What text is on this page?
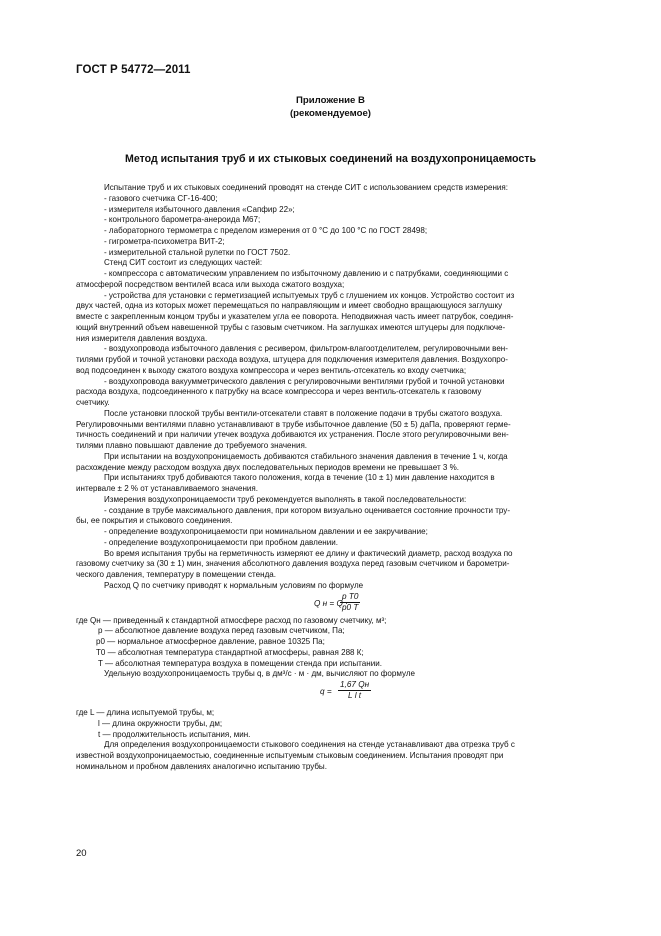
ГОСТ Р 54772—2011
Приложение В
(рекомендуемое)
Метод испытания труб и их стыковых соединений на воздухопроницаемость

Испытание труб и их стыковых соединений проводят на стенде СИТ с использованием средств измерения:

- газового счетчика СГ-16-400;

- измерителя избыточного давления «Сапфир 22»;

- контрольного барометра-анероида М67;

- лабораторного термометра с пределом измерения от 0 °С до 100 °С по ГОСТ 28498;

- гигрометра-психометра ВИТ-2;

- измерительной стальной рулетки по ГОСТ 7502.

Стенд СИТ состоит из следующих частей:

- компрессора с автоматическим управлением по избыточному давлению и с патрубками, соединяющими с
атмосферой посредством вентилей всаса или выхода сжатого воздуха;

- устройства для установки с герметизацией испытуемых труб с глушением их концов. Устройство состоит из
двух частей, одна из которых может перемещаться по направляющим и имеет свободно вращающуюся заглушку
вместе с закрепленным концом трубы и указателем угла ее поворота. Неподвижная часть имеет патрубок, соединя-
ющий внутренний объем навешенной трубы с газовым счетчиком. На заглушках имеются штуцеры для подключе-
ния измерителя давления воздуха.

- воздухопровода избыточного давления с ресивером, фильтром-влагоотделителем, регулировочными вен-
тилями грубой и точной установки расхода воздуха, штуцера для подключения измерителя давления. Воздухопро-
вод подсоединен к выходу сжатого воздуха компрессора и через вентиль-отсекатель ко входу счетчика;

- воздухопровода вакуумметрического давления с регулировочными вентилями грубой и точной установки
расхода воздуха, подсоединенного к патрубку на всасе компрессора и через вентиль-отсекатель к газовому
счетчику.

После установки плоской трубы вентили-отсекатели ставят в положение подачи в трубы сжатого воздуха.
Регулировочными вентилями плавно устанавливают в трубе избыточное давление (50 ± 5) даПа, проверяют герме-
тичность соединений и при наличии утечек воздуха добиваются их устранения. После этого регулировочными вен-
тилями плавно повышают давление до требуемого значения.

При испытании на воздухопроницаемость добиваются стабильного значения давления в течение 1 ч, когда
расхождение между расходом воздуха двух последовательных периодов времени не превышает 3 %.

При испытаниях труб добиваются такого положения, когда в течение (10 ± 1) мин давление находится в
интервале ± 2 % от устанавливаемого значения.

Измерения воздухопроницаемости труб рекомендуется выполнять в такой последовательности:

- создание в трубе максимального давления, при котором визуально оценивается состояние прочности тру-
бы, ее покрытия и стыкового соединения.

- определение воздухопроницаемости при номинальном давлении и ее закручивание;

- определение воздухопроницаемости при пробном давлении.

Во время испытания трубы на герметичность измеряют ее длину и фактический диаметр, расход воздуха по
газовому счетчику за (30 ± 1) мин, значения абсолютного давления воздуха перед газовым счетчиком и барометри-
ческого давления, температуру в помещении стенда.

Расход Q по счетчику приводят к нормальным условиям по формуле

Q н = Q ·
$\frac{\text{p T0}}{p0 T}$
где Qн — приведенный к стандартной атмосфере расход по газовому счетчику, м³;
p — абсолютное давление воздуха перед газовым счетчиком, Па;
p0 — нормальное атмосферное давление, равное 10325 Па;
T0 — абсолютная температура стандартной атмосферы, равная 288 К;
T — абсолютная температура воздуха в помещении стенда при испытании.

Удельную воздухопроницаемость трубы q, в дм³/с · м · дм, вычисляют по формуле

q =
1,67 Qн
L l t
где L — длина испытуемой трубы, м;
l — длина окружности трубы, дм;
t — продолжительность испытания, мин.

Для определения воздухопроницаемости стыкового соединения на стенде устанавливают два отрезка труб с
известной воздухопроницаемостью, соединенные испытуемым стыковым соединением. Испытания проводят при
номинальном и пробном давлениях аналогично испытанию трубы.

20
